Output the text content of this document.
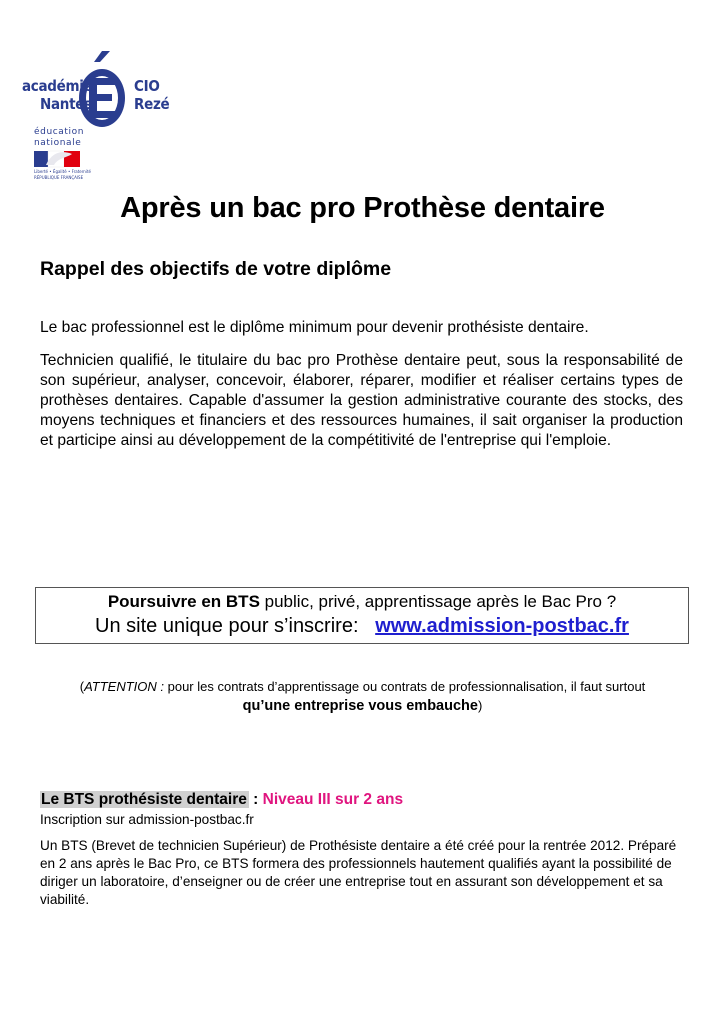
académie
Nantes
CIO
Rezé
éducation
nationale
Liberté • Égalité • Fraternité
RÉPUBLIQUE FRANÇAISE
Après un bac pro Prothèse dentaire
Rappel des objectifs de votre diplôme

Le bac professionnel est le diplôme minimum pour devenir prothésiste dentaire.

Technicien qualifié, le titulaire du bac pro Prothèse dentaire peut, sous la responsabilité de son supérieur, analyser, concevoir, élaborer, réparer, modifier et réaliser certains types de prothèses dentaires. Capable d'assumer la gestion administrative courante des stocks, des moyens techniques et financiers et des ressources humaines, il sait organiser la production et participe ainsi au développement de la compétitivité de l'entreprise qui l'emploie.

Poursuivre en BTS public, privé, apprentissage après le Bac Pro ?
Un site unique pour s’inscrire: www.admission-postbac.fr
(ATTENTION : pour les contrats d’apprentissage ou contrats de professionnalisation, il faut surtout
qu’une entreprise vous embauche)
Le BTS prothésiste dentaire : Niveau III sur 2 ans

Inscription sur admission-postbac.fr

Un BTS (Brevet de technicien Supérieur) de Prothésiste dentaire a été créé pour la rentrée 2012. Préparé en 2 ans après le Bac Pro, ce BTS formera des professionnels hautement qualifiés ayant la possibilité de diriger un laboratoire, d’enseigner ou de créer une entreprise tout en assurant son développement et sa viabilité.
